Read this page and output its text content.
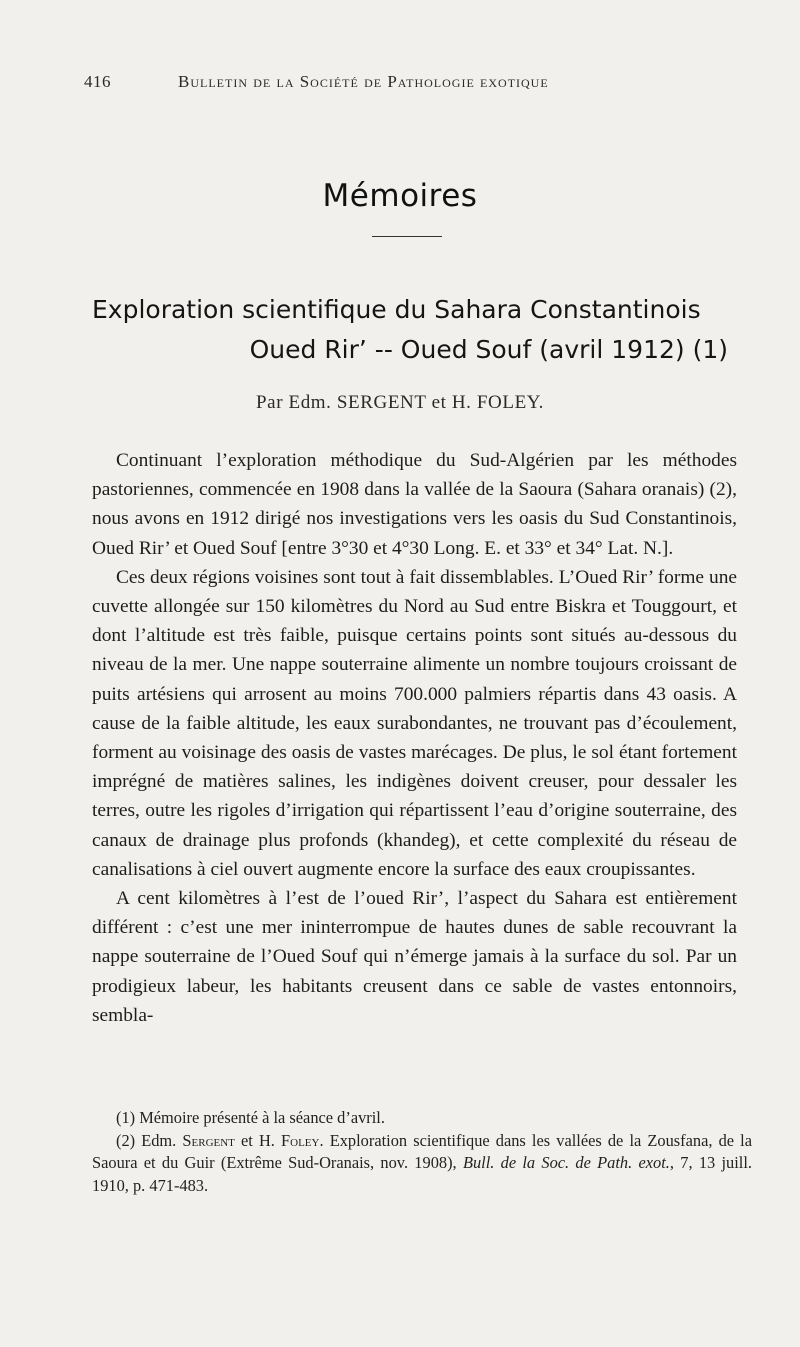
416	Bulletin de la Société de Pathologie exotique
Mémoires
Exploration scientifique du Sahara Constantinois
Oued Rir’ -- Oued Souf (avril 1912) (1)
Par Edm. SERGENT et H. FOLEY.

Continuant l’exploration méthodique du Sud-Algérien par les méthodes pastoriennes, commencée en 1908 dans la vallée de la Saoura (Sahara oranais) (2), nous avons en 1912 dirigé nos investigations vers les oasis du Sud Constantinois, Oued Rir’ et Oued Souf [entre 3°30 et 4°30 Long. E. et 33° et 34° Lat. N.].

Ces deux régions voisines sont tout à fait dissemblables. L’Oued Rir’ forme une cuvette allongée sur 150 kilomètres du Nord au Sud entre Biskra et Touggourt, et dont l’altitude est très faible, puisque certains points sont situés au-dessous du niveau de la mer. Une nappe souterraine alimente un nombre toujours croissant de puits artésiens qui arrosent au moins 700.000 palmiers répartis dans 43 oasis. A cause de la faible altitude, les eaux surabondantes, ne trouvant pas d’écoulement, forment au voisinage des oasis de vastes marécages. De plus, le sol étant fortement imprégné de matières salines, les indigènes doivent creuser, pour dessaler les terres, outre les rigoles d’irrigation qui répartissent l’eau d’origine souterraine, des canaux de drainage plus profonds (khandeg), et cette complexité du réseau de canalisations à ciel ouvert augmente encore la surface des eaux croupissantes.

A cent kilomètres à l’est de l’oued Rir’, l’aspect du Sahara est entièrement différent : c’est une mer ininterrompue de hautes dunes de sable recouvrant la nappe souterraine de l’Oued Souf qui n’émerge jamais à la surface du sol. Par un prodigieux labeur, les habitants creusent dans ce sable de vastes entonnoirs, sembla-

(1) Mémoire présenté à la séance d’avril.

(2) Edm. Sergent et H. Foley. Exploration scientifique dans les vallées de la Zousfana, de la Saoura et du Guir (Extrême Sud-Oranais, nov. 1908), Bull. de la Soc. de Path. exot., 7, 13 juill. 1910, p. 471-483.
